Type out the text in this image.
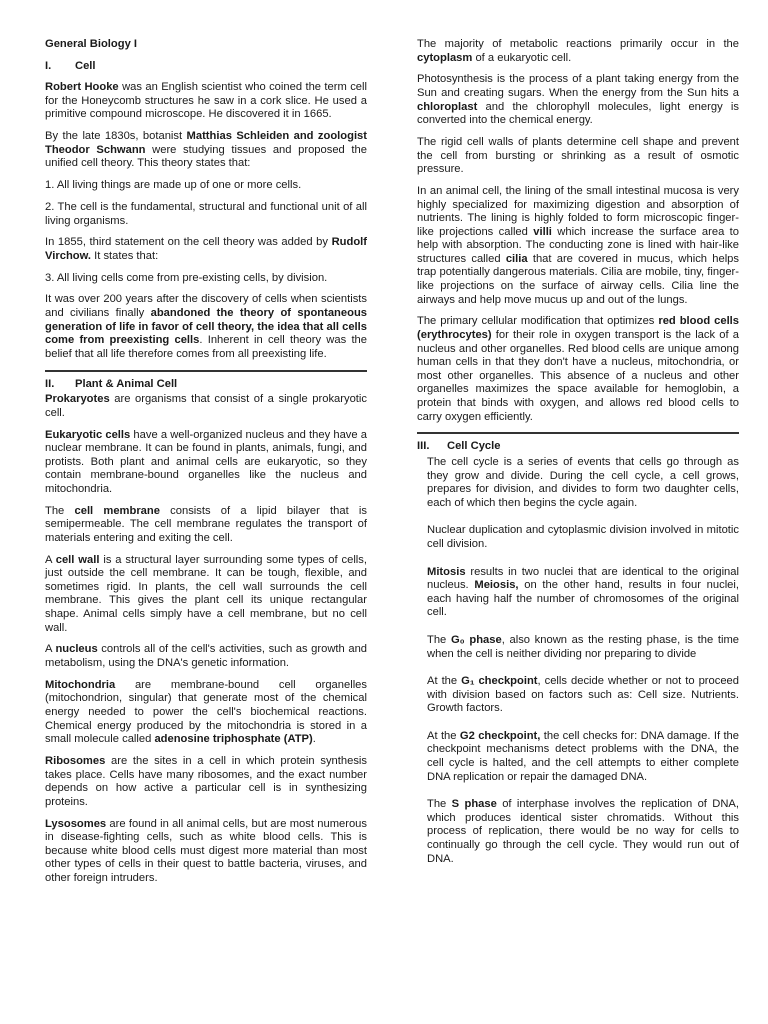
General Biology I

I. Cell

Robert Hooke was an English scientist who coined the term cell for the Honeycomb structures he saw in a cork slice. He used a primitive compound microscope. He discovered it in 1665.

By the late 1830s, botanist Matthias Schleiden and zoologist Theodor Schwann were studying tissues and proposed the unified cell theory. This theory states that:

1. All living things are made up of one or more cells.

2. The cell is the fundamental, structural and functional unit of all living organisms.

In 1855, third statement on the cell theory was added by Rudolf Virchow. It states that:

3. All living cells come from pre-existing cells, by division.

It was over 200 years after the discovery of cells when scientists and civilians finally abandoned the theory of spontaneous generation of life in favor of cell theory, the idea that all cells come from preexisting cells. Inherent in cell theory was the belief that all life therefore comes from all preexisting life.

II. Plant & Animal Cell

Prokaryotes are organisms that consist of a single prokaryotic cell.

Eukaryotic cells have a well-organized nucleus and they have a nuclear membrane. It can be found in plants, animals, fungi, and protists. Both plant and animal cells are eukaryotic, so they contain membrane-bound organelles like the nucleus and mitochondria.

The cell membrane consists of a lipid bilayer that is semipermeable. The cell membrane regulates the transport of materials entering and exiting the cell.

A cell wall is a structural layer surrounding some types of cells, just outside the cell membrane. It can be tough, flexible, and sometimes rigid. In plants, the cell wall surrounds the cell membrane. This gives the plant cell its unique rectangular shape. Animal cells simply have a cell membrane, but no cell wall.

A nucleus controls all of the cell's activities, such as growth and metabolism, using the DNA's genetic information.

Mitochondria are membrane-bound cell organelles (mitochondrion, singular) that generate most of the chemical energy needed to power the cell's biochemical reactions. Chemical energy produced by the mitochondria is stored in a small molecule called adenosine triphosphate (ATP).

Ribosomes are the sites in a cell in which protein synthesis takes place. Cells have many ribosomes, and the exact number depends on how active a particular cell is in synthesizing proteins.

Lysosomes are found in all animal cells, but are most numerous in disease-fighting cells, such as white blood cells. This is because white blood cells must digest more material than most other types of cells in their quest to battle bacteria, viruses, and other foreign intruders.

The majority of metabolic reactions primarily occur in the cytoplasm of a eukaryotic cell.

Photosynthesis is the process of a plant taking energy from the Sun and creating sugars. When the energy from the Sun hits a chloroplast and the chlorophyll molecules, light energy is converted into the chemical energy.

The rigid cell walls of plants determine cell shape and prevent the cell from bursting or shrinking as a result of osmotic pressure.

In an animal cell, the lining of the small intestinal mucosa is very highly specialized for maximizing digestion and absorption of nutrients. The lining is highly folded to form microscopic finger-like projections called villi which increase the surface area to help with absorption. The conducting zone is lined with hair-like structures called cilia that are covered in mucus, which helps trap potentially dangerous materials. Cilia are mobile, tiny, finger-like projections on the surface of airway cells. Cilia line the airways and help move mucus up and out of the lungs.

The primary cellular modification that optimizes red blood cells (erythrocytes) for their role in oxygen transport is the lack of a nucleus and other organelles. Red blood cells are unique among human cells in that they don't have a nucleus, mitochondria, or most other organelles. This absence of a nucleus and other organelles maximizes the space available for hemoglobin, a protein that binds with oxygen, and allows red blood cells to carry oxygen efficiently.

III. Cell Cycle

The cell cycle is a series of events that cells go through as they grow and divide. During the cell cycle, a cell grows, prepares for division, and divides to form two daughter cells, each of which then begins the cycle again.

Nuclear duplication and cytoplasmic division involved in mitotic cell division.

Mitosis results in two nuclei that are identical to the original nucleus. Meiosis, on the other hand, results in four nuclei, each having half the number of chromosomes of the original cell.

The G₀ phase, also known as the resting phase, is the time when the cell is neither dividing nor preparing to divide

At the G₁ checkpoint, cells decide whether or not to proceed with division based on factors such as: Cell size. Nutrients. Growth factors.

At the G2 checkpoint, the cell checks for: DNA damage. If the checkpoint mechanisms detect problems with the DNA, the cell cycle is halted, and the cell attempts to either complete DNA replication or repair the damaged DNA.

The S phase of interphase involves the replication of DNA, which produces identical sister chromatids. Without this process of replication, there would be no way for cells to continually go through the cell cycle. They would run out of DNA.
